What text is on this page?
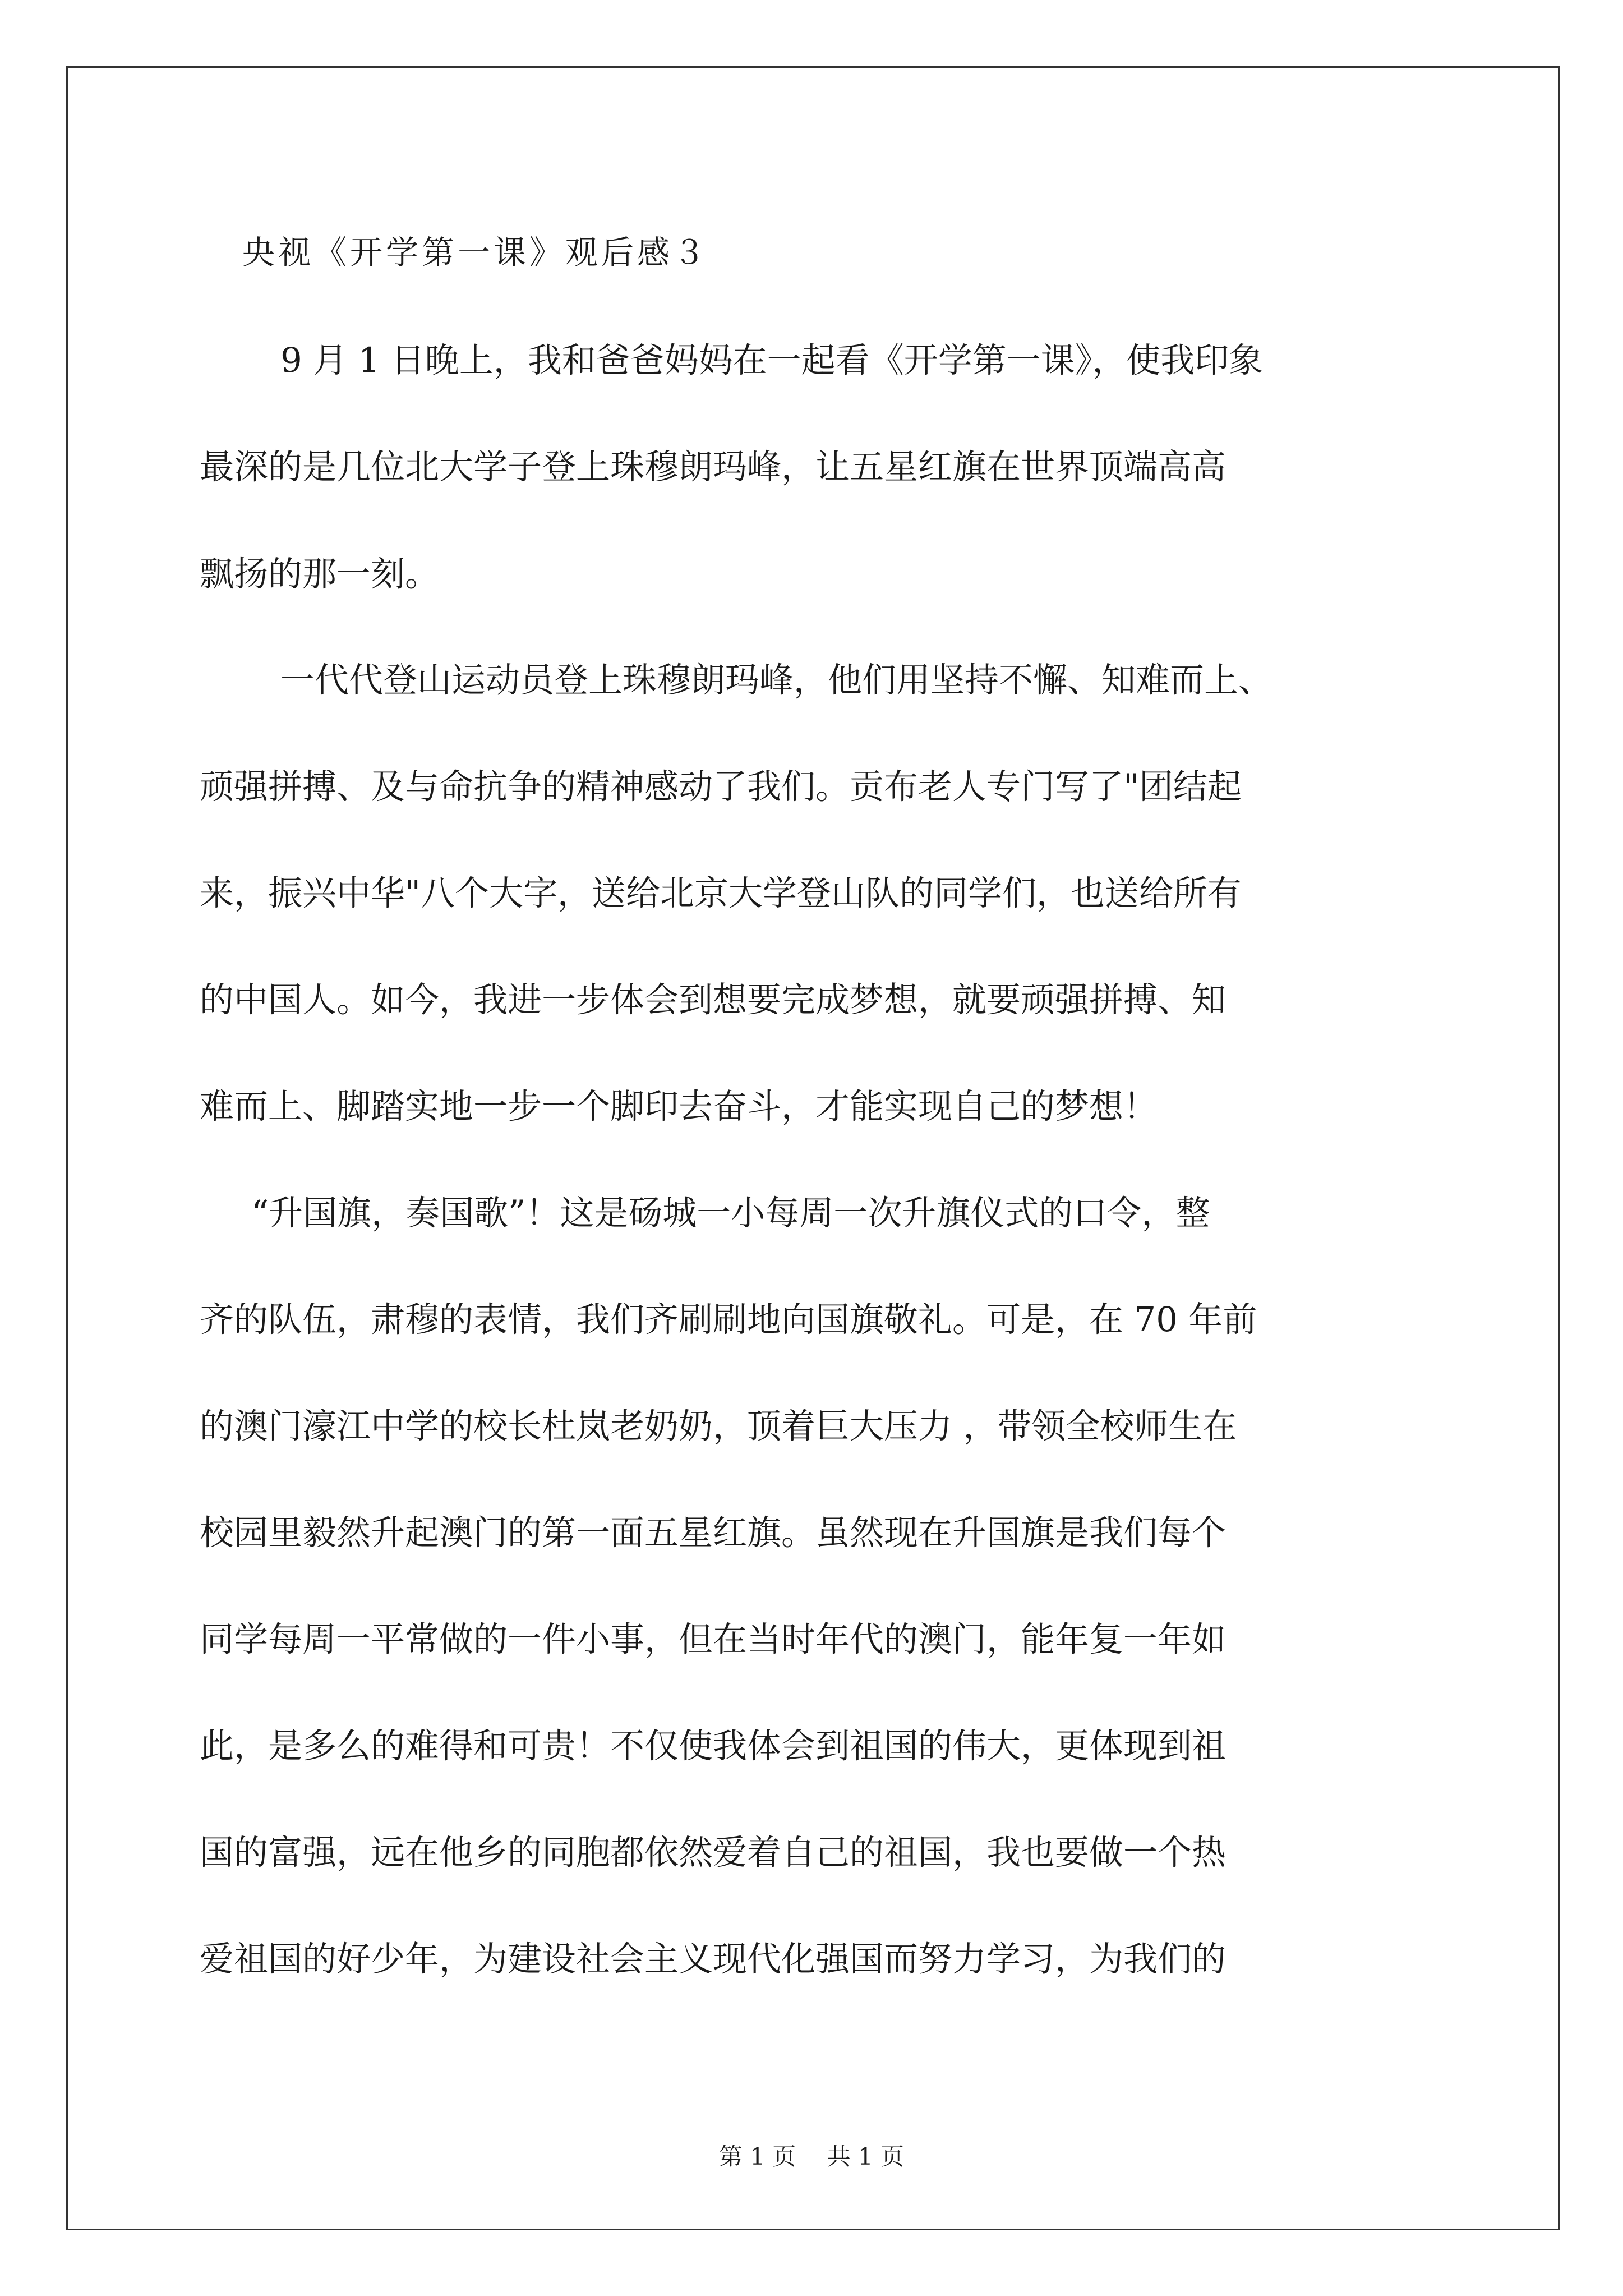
央视《开学第一课》观后感３
9 月 1 日晚上，我和爸爸妈妈在一起看《开学第一课》，使我印象
最深的是几位北大学子登上珠穆朗玛峰，让五星红旗在世界顶端高高
飘扬的那一刻。
一代代登山运动员登上珠穆朗玛峰，他们用坚持不懈、知难而上、
顽强拼搏、及与命抗争的精神感动了我们。贡布老人专门写了"团结起
来，振兴中华"八个大字，送给北京大学登山队的同学们，也送给所有
的中国人。如今，我进一步体会到想要完成梦想，就要顽强拼搏、知
难而上、脚踏实地一步一个脚印去奋斗，才能实现自己的梦想！
“升国旗，奏国歌”！这是砀城一小每周一次升旗仪式的口令，整
齐的队伍，肃穆的表情，我们齐刷刷地向国旗敬礼。可是，在 70 年前
的澳门濠江中学的校长杜岚老奶奶，顶着巨大压力 ，带领全校师生在
校园里毅然升起澳门的第一面五星红旗。虽然现在升国旗是我们每个
同学每周一平常做的一件小事，但在当时年代的澳门，能年复一年如
此，是多么的难得和可贵！不仅使我体会到祖国的伟大，更体现到祖
国的富强，远在他乡的同胞都依然爱着自己的祖国，我也要做一个热
爱祖国的好少年，为建设社会主义现代化强国而努力学习，为我们的
第 1 页　 共 1 页
